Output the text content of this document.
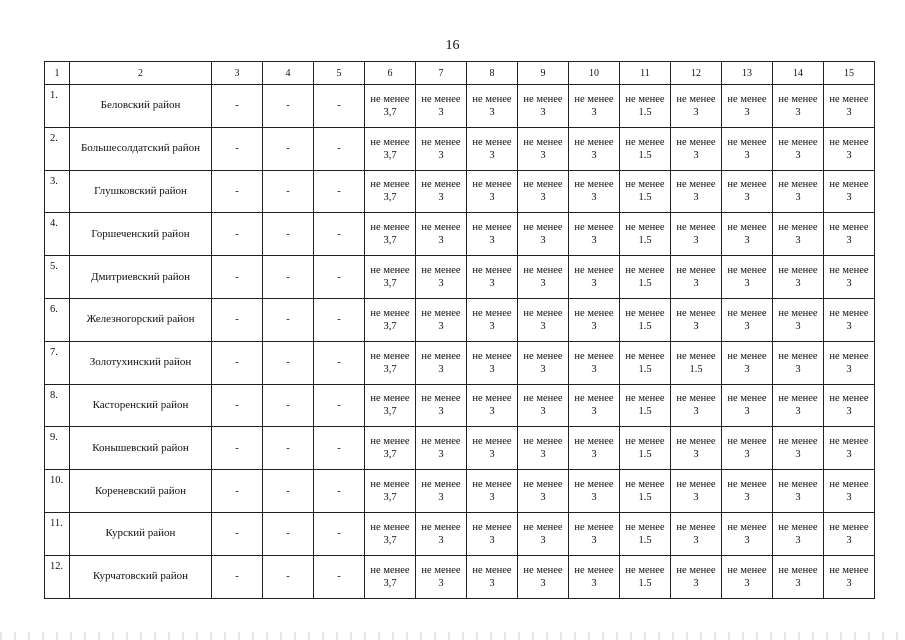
16
1	2	3	4	5	6	7	8	9	10	11	12	13	14	15
1.	Беловский район	-	-	-	не менее
3,7	не менее
3	не менее
3	не менее
3	не менее
3	не менее
1.5	не менее
3	не менее
3	не менее
3	не менее
3

2.	Большесолдатский район	-	-	-	не менее
3,7	не менее
3	не менее
3	не менее
3	не менее
3	не менее
1.5	не менее
3	не менее
3	не менее
3	не менее
3

3.	Глушковский район	-	-	-	не менее
3,7	не менее
3	не менее
3	не менее
3	не менее
3	не менее
1.5	не менее
3	не менее
3	не менее
3	не менее
3

4.	Горшеченский район	-	-	-	не менее
3,7	не менее
3	не менее
3	не менее
3	не менее
3	не менее
1.5	не менее
3	не менее
3	не менее
3	не менее
3

5.	Дмитриевский район	-	-	-	не менее
3,7	не менее
3	не менее
3	не менее
3	не менее
3	не менее
1.5	не менее
3	не менее
3	не менее
3	не менее
3

6.	Железногорский район	-	-	-	не менее
3,7	не менее
3	не менее
3	не менее
3	не менее
3	не менее
1.5	не менее
3	не менее
3	не менее
3	не менее
3

7.	Золотухинский район	-	-	-	не менее
3,7	не менее
3	не менее
3	не менее
3	не менее
3	не менее
1.5	не менее
1.5	не менее
3	не менее
3	не менее
3

8.	Касторенский район	-	-	-	не менее
3,7	не менее
3	не менее
3	не менее
3	не менее
3	не менее
1.5	не менее
3	не менее
3	не менее
3	не менее
3

9.	Конышевский район	-	-	-	не менее
3,7	не менее
3	не менее
3	не менее
3	не менее
3	не менее
1.5	не менее
3	не менее
3	не менее
3	не менее
3

10.	Кореневский район	-	-	-	не менее
3,7	не менее
3	не менее
3	не менее
3	не менее
3	не менее
1.5	не менее
3	не менее
3	не менее
3	не менее
3

11.	Курский район	-	-	-	не менее
3,7	не менее
3	не менее
3	не менее
3	не менее
3	не менее
1.5	не менее
3	не менее
3	не менее
3	не менее
3

12.	Курчатовский район	-	-	-	не менее
3,7	не менее
3	не менее
3	не менее
3	не менее
3	не менее
1.5	не менее
3	не менее
3	не менее
3	не менее
3
